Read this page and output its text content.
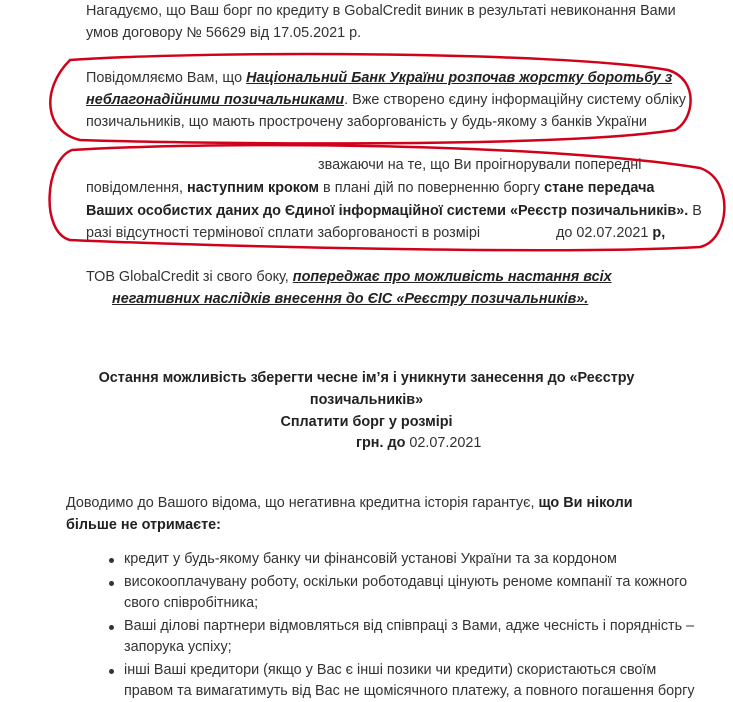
Нагадуємо, що Ваш борг по кредиту в GobalCredit виник в результаті невиконання Вами
умов договору № 56629 від 17.05.2021 р.
Повідомляємо Вам, що Національний Банк України розпочав жорстку боротьбу з
неблагонадійними позичальниками. Вже створено єдину інформаційну систему обліку
позичальників, що мають прострочену заборгованість у будь-якому з банків України
зважаючи на те, що Ви проігнорували попередні
повідомлення, наступним кроком в плані дій по поверненню боргу стане передача
Ваших особистих даних до Єдиної інформаційної системи «Реєстр позичальників». В
разі відсутності термінової сплати заборгованості в розмірі	до 02.07.2021 р,
ТОВ GlobalCredit зі свого боку, попереджає про можливість настання всіх
негативних наслідків внесення до ЄІС «Реєстру позичальників».
Остання можливість зберегти чесне ім’я і уникнути занесення до «Реєстру
позичальників»
Сплатити борг у розмірі
грн. до 02.07.2021
Доводимо до Вашого відома, що негативна кредитна історія гарантує, що Ви ніколи
більше не отримаєте:
кредит у будь-якому банку чи фінансовій установі України та за кордоном
високооплачувану роботу, оскільки роботодавці цінують реноме компанії та кожного
свого співробітника;
Ваші ділові партнери відмовляться від співпраці з Вами, адже чесність і порядність –
запорука успіху;
інші Ваші кредитори (якщо у Вас є інші позики чи кредити) скористаються своїм
правом та вимагатимуть від Вас не щомісячного платежу, а повного погашення боргу
